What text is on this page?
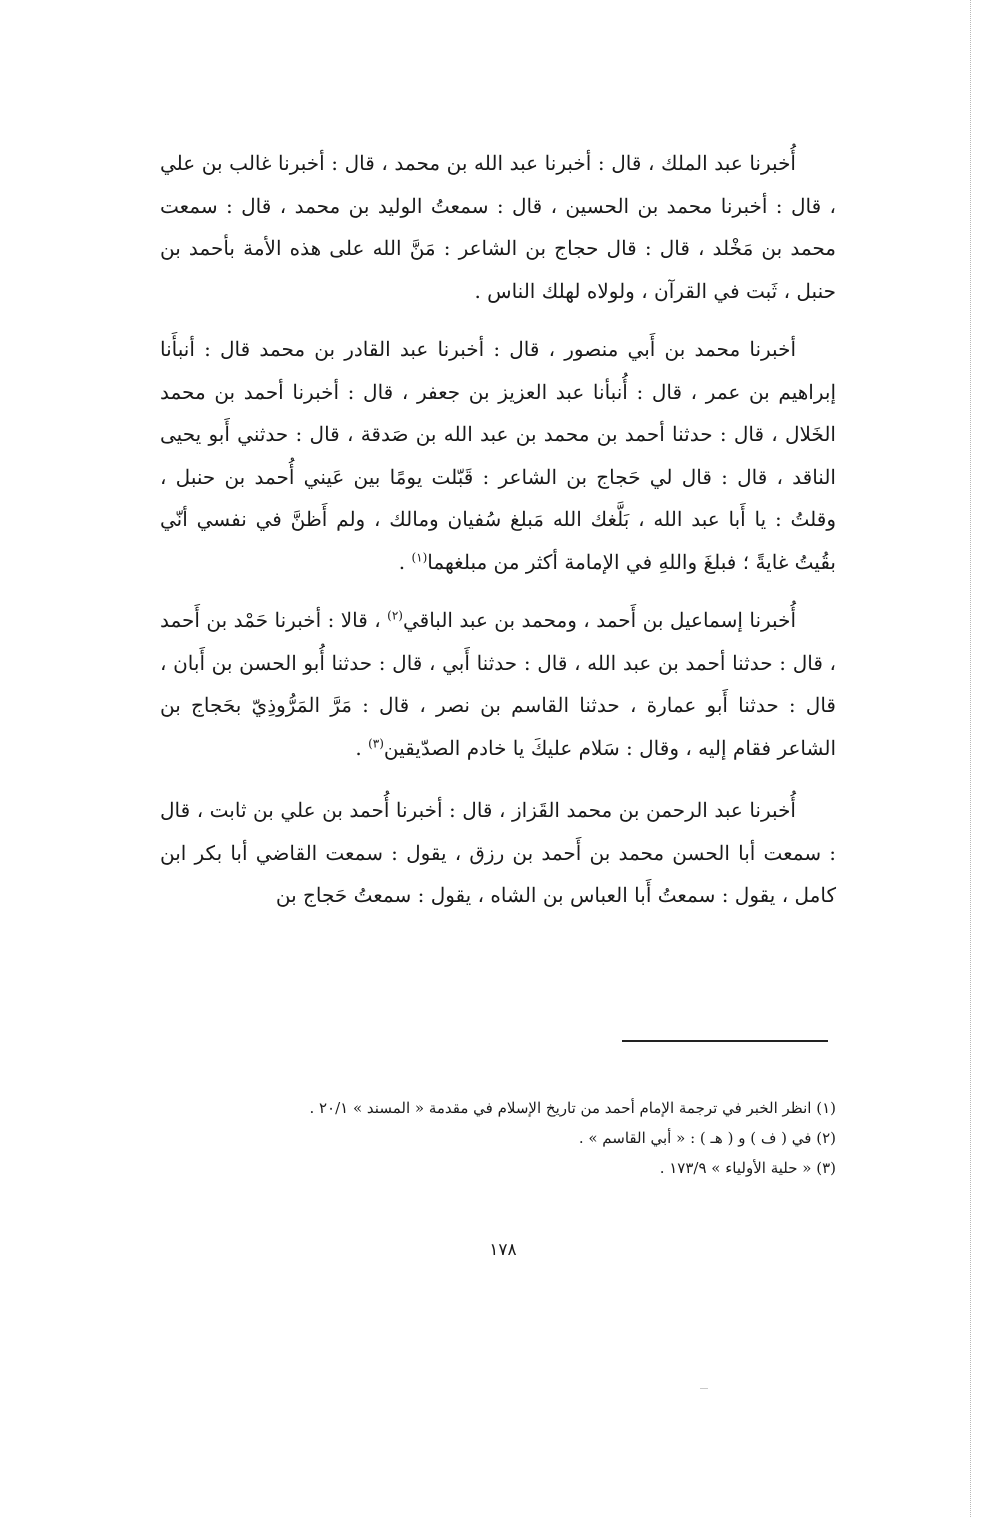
أُخبرنا عبد الملك ، قال : أخبرنا عبد الله بن محمد ، قال : أخبرنا غالب بن علي ، قال : أخبرنا محمد بن الحسين ، قال : سمعتُ الوليد بن محمد ، قال : سمعت محمد بن مَخْلد ، قال : قال حجاج بن الشاعر : مَنَّ الله على هذه الأمة بأحمد بن حنبل ، ثَبت في القرآن ، ولولاه لهلك الناس .

أخبرنا محمد بن أَبي منصور ، قال : أخبرنا عبد القادر بن محمد قال : أنبأَنا إبراهيم بن عمر ، قال : أُنبأنا عبد العزيز بن جعفر ، قال : أخبرنا أحمد بن محمد الخَلال ، قال : حدثنا أحمد بن محمد بن عبد الله بن صَدقة ، قال : حدثني أَبو يحيى الناقد ، قال : قال لي حَجاج بن الشاعر : قَبّلت يومًا بين عَيني أُحمد بن حنبل ، وقلتُ : يا أَبا عبد الله ، بَلَّغك الله مَبلغ سُفيان ومالك ، ولم أَظنَّ في نفسي أنّي بقُيتُ غايةً ؛ فبلغَ واللهِ في الإمامة أكثر من مبلغهما$^{(١)}$ .

أُخبرنا إسماعيل بن أَحمد ، ومحمد بن عبد الباقي$^{(٢)}$ ، قالا : أخبرنا حَمْد بن أَحمد ، قال : حدثنا أحمد بن عبد الله ، قال : حدثنا أَبي ، قال : حدثنا أُبو الحسن بن أَبان ، قال : حدثنا أَبو عمارة ، حدثنا القاسم بن نصر ، قال : مَرَّ المَرُّوذِيّ بحَجاج بن الشاعر فقام إليه ، وقال : سَلام عليكَ يا خادم الصدّيقين$^{(٣)}$ .

أُخبرنا عبد الرحمن بن محمد القَزاز ، قال : أخبرنا أُحمد بن علي بن ثابت ، قال : سمعت أبا الحسن محمد بن أَحمد بن رزق ، يقول : سمعت القاضي أبا بكر ابن كامل ، يقول : سمعتُ أَبا العباس بن الشاه ، يقول : سمعتُ حَجاج بن

(١) انظر الخبر في ترجمة الإمام أحمد من تاريخ الإسلام في مقدمة « المسند » ٢٠/١ .

(٢) في ( ف ) و ( هـ ) : « أبي القاسم » .

(٣) « حلية الأولياء » ١٧٣/٩ .

١٧٨
